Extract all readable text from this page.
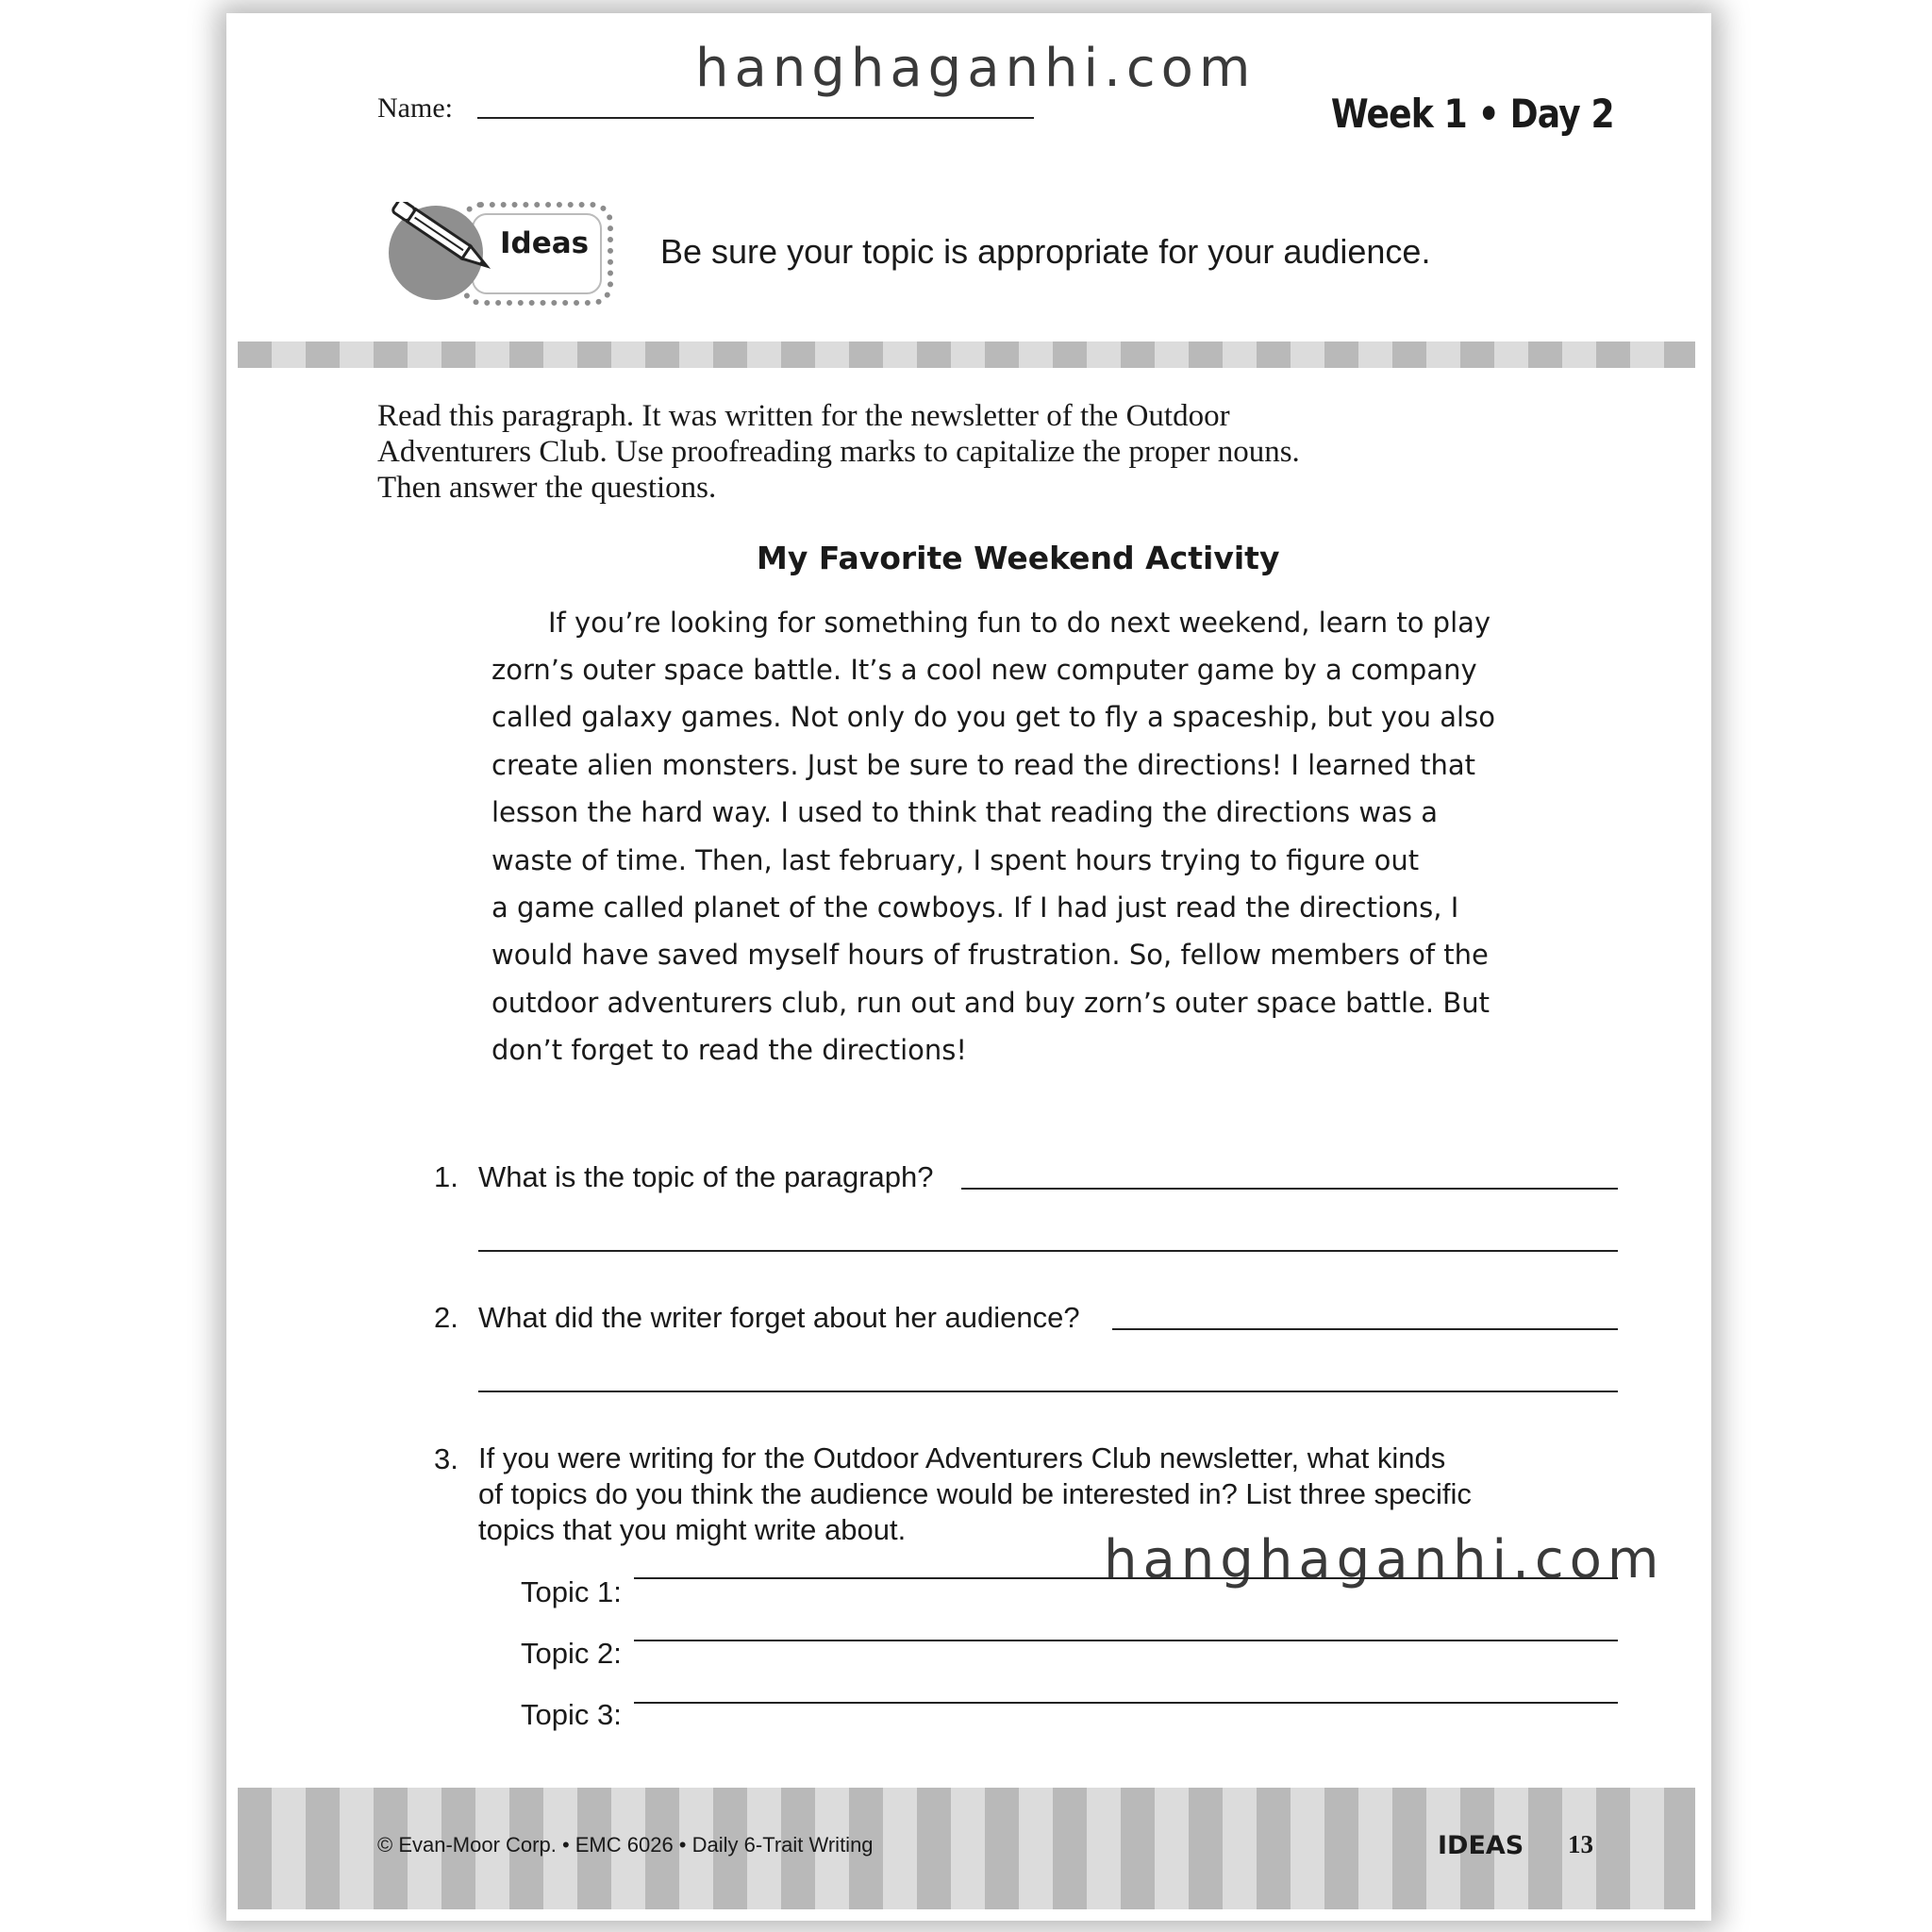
hanghaganhi.com
Name:	Week 1 • Day 2
Ideas Be sure your topic is appropriate for your audience.
Read this paragraph. It was written for the newsletter of the Outdoor
Adventurers Club. Use proofreading marks to capitalize the proper nouns.
Then answer the questions.
My Favorite Weekend Activity
If you’re looking for something fun to do next weekend, learn to play
zorn’s outer space battle. It’s a cool new computer game by a company
called galaxy games. Not only do you get to fly a spaceship, but you also
create alien monsters. Just be sure to read the directions! I learned that
lesson the hard way. I used to think that reading the directions was a
waste of time. Then, last february, I spent hours trying to figure out
a game called planet of the cowboys. If I had just read the directions, I
would have saved myself hours of frustration. So, fellow members of the
outdoor adventurers club, run out and buy zorn’s outer space battle. But
don’t forget to read the directions!
1. What is the topic of the paragraph?
2. What did the writer forget about her audience?
3. If you were writing for the Outdoor Adventurers Club newsletter, what kinds
of topics do you think the audience would be interested in? List three specific
topics that you might write about.	hanghaganhi.com
Topic 1:
Topic 2:
Topic 3:
© Evan-Moor Corp. • EMC 6026 • Daily 6-Trait Writing	IDEAS 13
